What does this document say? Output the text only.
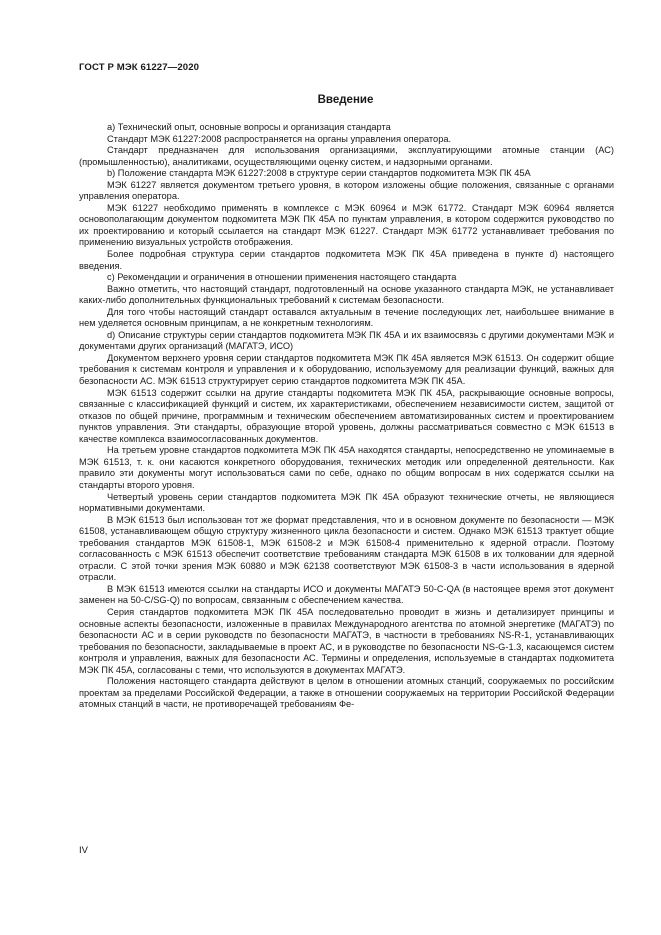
ГОСТ Р МЭК 61227—2020
Введение

a) Технический опыт, основные вопросы и организация стандарта

Стандарт МЭК 61227:2008 распространяется на органы управления оператора.

Стандарт предназначен для использования организациями, эксплуатирующими атомные станции (АС) (промышленностью), аналитиками, осуществляющими оценку систем, и надзорными органами.

b) Положение стандарта МЭК 61227:2008 в структуре серии стандартов подкомитета МЭК ПК 45А

МЭК 61227 является документом третьего уровня, в котором изложены общие положения, связанные с органами управления оператора.

МЭК 61227 необходимо применять в комплексе с МЭК 60964 и МЭК 61772. Стандарт МЭК 60964 является основополагающим документом подкомитета МЭК ПК 45А по пунктам управления, в котором содержится руководство по их проектированию и который ссылается на стандарт МЭК 61227. Стандарт МЭК 61772 устанавливает требования по применению визуальных устройств отображения.

Более подробная структура серии стандартов подкомитета МЭК ПК 45А приведена в пункте d) настоящего введения.

c) Рекомендации и ограничения в отношении применения настоящего стандарта

Важно отметить, что настоящий стандарт, подготовленный на основе указанного стандарта МЭК, не устанавливает каких-либо дополнительных функциональных требований к системам безопасности.

Для того чтобы настоящий стандарт оставался актуальным в течение последующих лет, наибольшее внимание в нем уделяется основным принципам, а не конкретным технологиям.

d) Описание структуры серии стандартов подкомитета МЭК ПК 45А и их взаимосвязь с другими документами МЭК и документами других организаций (МАГАТЭ, ИСО)

Документом верхнего уровня серии стандартов подкомитета МЭК ПК 45А является МЭК 61513. Он содержит общие требования к системам контроля и управления и к оборудованию, используемому для реализации функций, важных для безопасности АС. МЭК 61513 структурирует серию стандартов подкомитета МЭК ПК 45А.

МЭК 61513 содержит ссылки на другие стандарты подкомитета МЭК ПК 45А, раскрывающие основные вопросы, связанные с классификацией функций и систем, их характеристиками, обеспечением независимости систем, защитой от отказов по общей причине, программным и техническим обеспечением автоматизированных систем и проектированием пунктов управления. Эти стандарты, образующие второй уровень, должны рассматриваться совместно с МЭК 61513 в качестве комплекса взаимосогласованных документов.

На третьем уровне стандартов подкомитета МЭК ПК 45А находятся стандарты, непосредственно не упоминаемые в МЭК 61513, т. к. они касаются конкретного оборудования, технических методик или определенной деятельности. Как правило эти документы могут использоваться сами по себе, однако по общим вопросам в них содержатся ссылки на стандарты второго уровня.

Четвертый уровень серии стандартов подкомитета МЭК ПК 45А образуют технические отчеты, не являющиеся нормативными документами.

В МЭК 61513 был использован тот же формат представления, что и в основном документе по безопасности — МЭК 61508, устанавливающем общую структуру жизненного цикла безопасности и систем. Однако МЭК 61513 трактует общие требования стандартов МЭК 61508-1, МЭК 61508-2 и МЭК 61508-4 применительно к ядерной отрасли. Поэтому согласованность с МЭК 61513 обеспечит соответствие требованиям стандарта МЭК 61508 в их толковании для ядерной отрасли. С этой точки зрения МЭК 60880 и МЭК 62138 соответствуют МЭК 61508-3 в части использования в ядерной отрасли.

В МЭК 61513 имеются ссылки на стандарты ИСО и документы МАГАТЭ 50-С-QA (в настоящее время этот документ заменен на 50-С/SG-Q) по вопросам, связанным с обеспечением качества.

Серия стандартов подкомитета МЭК ПК 45А последовательно проводит в жизнь и детализирует принципы и основные аспекты безопасности, изложенные в правилах Международного агентства по атомной энергетике (МАГАТЭ) по безопасности АС и в серии руководств по безопасности МАГАТЭ, в частности в требованиях NS-R-1, устанавливающих требования по безопасности, закладываемые в проект АС, и в руководстве по безопасности NS-G-1.3, касающемся систем контроля и управления, важных для безопасности АС. Термины и определения, используемые в стандартах подкомитета МЭК ПК 45А, согласованы с теми, что используются в документах МАГАТЭ.

Положения настоящего стандарта действуют в целом в отношении атомных станций, сооружаемых по российским проектам за пределами Российской Федерации, а также в отношении сооружаемых на территории Российской Федерации атомных станций в части, не противоречащей требованиям Фе-

IV
